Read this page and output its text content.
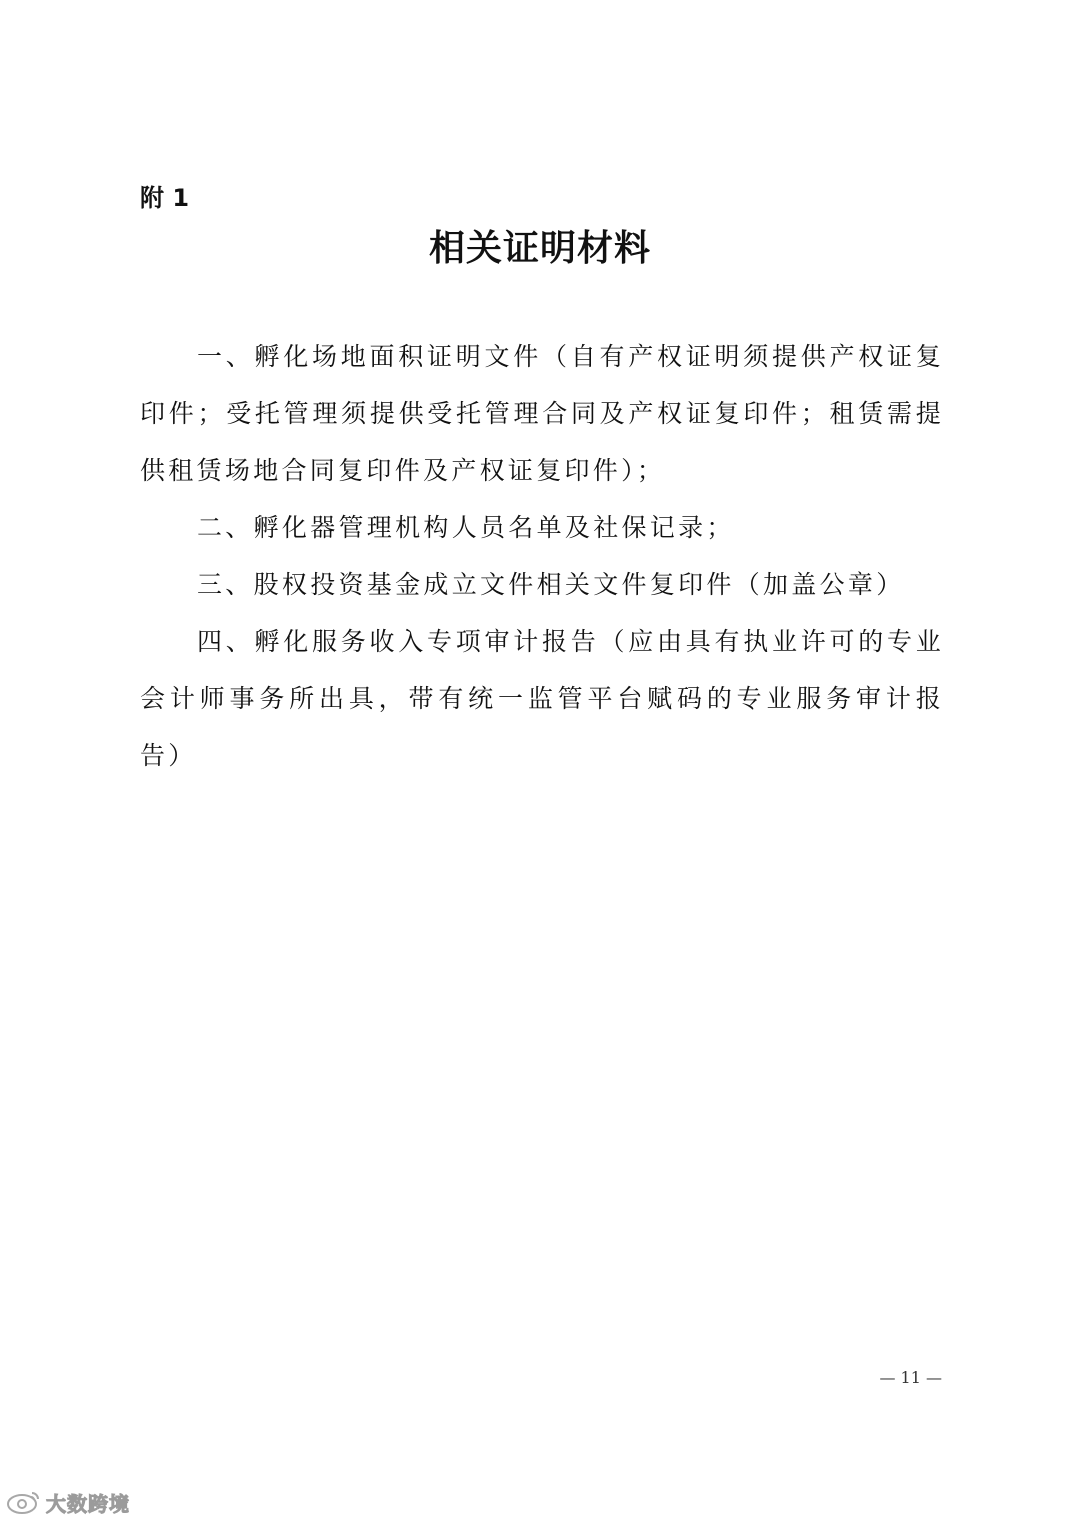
附 1
相关证明材料
一、孵化场地面积证明文件（自有产权证明须提供产权证复印件；受托管理须提供受托管理合同及产权证复印件；租赁需提供租赁场地合同复印件及产权证复印件）；
二、孵化器管理机构人员名单及社保记录；
三、股权投资基金成立文件相关文件复印件（加盖公章）
四、孵化服务收入专项审计报告（应由具有执业许可的专业会计师事务所出具，带有统一监管平台赋码的专业服务审计报告）
— 11 —
大数跨境
